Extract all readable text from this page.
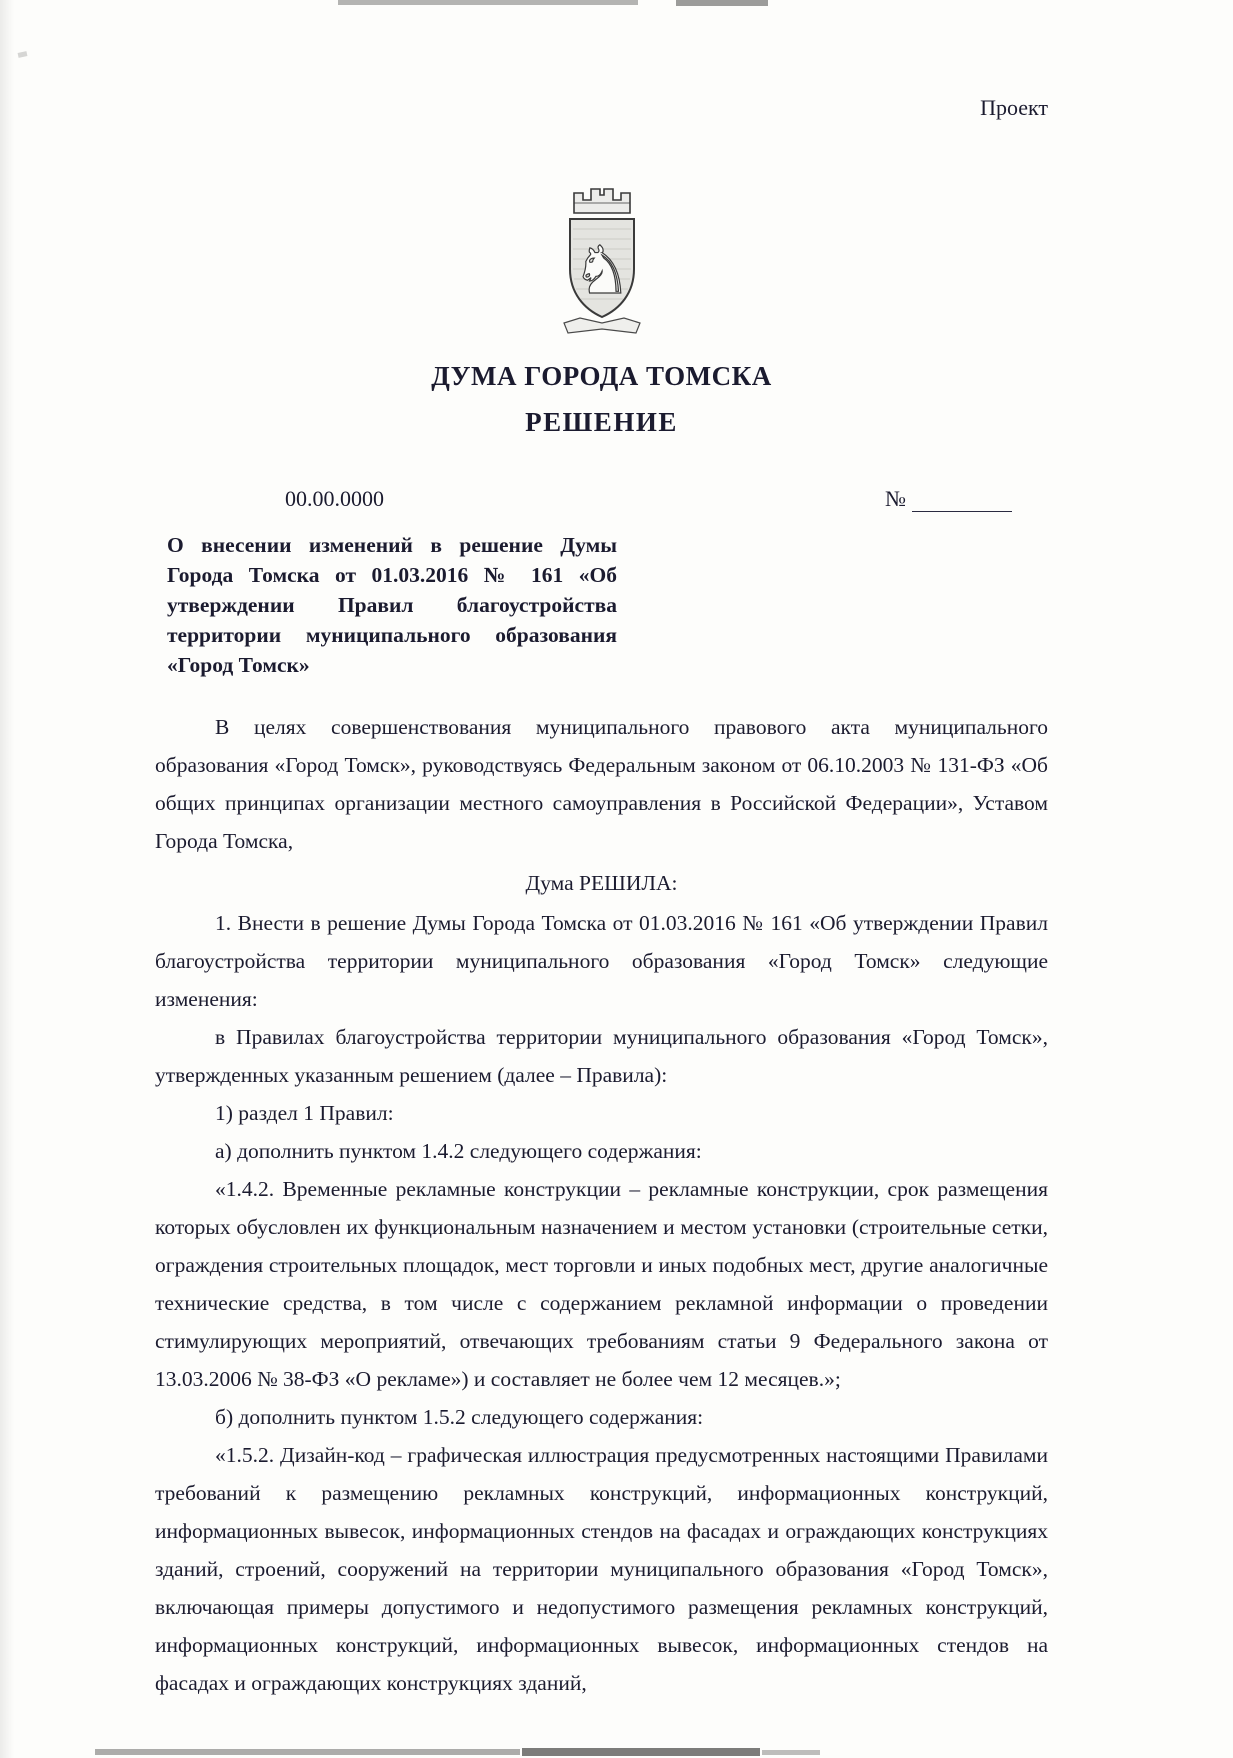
Проект
♞
ДУМА ГОРОДА ТОМСКА
РЕШЕНИЕ
00.00.0000	№
О внесении изменений в решение Думы Города Томска от 01.03.2016 № 161 «Об утверждении Правил благоустройства территории муниципального образования «Город Томск»

В целях совершенствования муниципального правового акта муниципального образования «Город Томск», руководствуясь Федеральным законом от 06.10.2003 № 131-ФЗ «Об общих принципах организации местного самоуправления в Российской Федерации», Уставом Города Томска,

Дума РЕШИЛА:

1. Внести в решение Думы Города Томска от 01.03.2016 № 161 «Об утверждении Правил благоустройства территории муниципального образования «Город Томск» следующие изменения:

в Правилах благоустройства территории муниципального образования «Город Томск», утвержденных указанным решением (далее – Правила):

1) раздел 1 Правил:

а) дополнить пунктом 1.4.2 следующего содержания:

«1.4.2. Временные рекламные конструкции – рекламные конструкции, срок размещения которых обусловлен их функциональным назначением и местом установки (строительные сетки, ограждения строительных площадок, мест торговли и иных подобных мест, другие аналогичные технические средства, в том числе с содержанием рекламной информации о проведении стимулирующих мероприятий, отвечающих требованиям статьи 9 Федерального закона от 13.03.2006 № 38-ФЗ «О рекламе») и составляет не более чем 12 месяцев.»;

б) дополнить пунктом 1.5.2 следующего содержания:

«1.5.2. Дизайн-код – графическая иллюстрация предусмотренных настоящими Правилами требований к размещению рекламных конструкций, информационных конструкций, информационных вывесок, информационных стендов на фасадах и ограждающих конструкциях зданий, строений, сооружений на территории муниципального образования «Город Томск», включающая примеры допустимого и недопустимого размещения рекламных конструкций, информационных конструкций, информационных вывесок, информационных стендов на фасадах и ограждающих конструкциях зданий,
